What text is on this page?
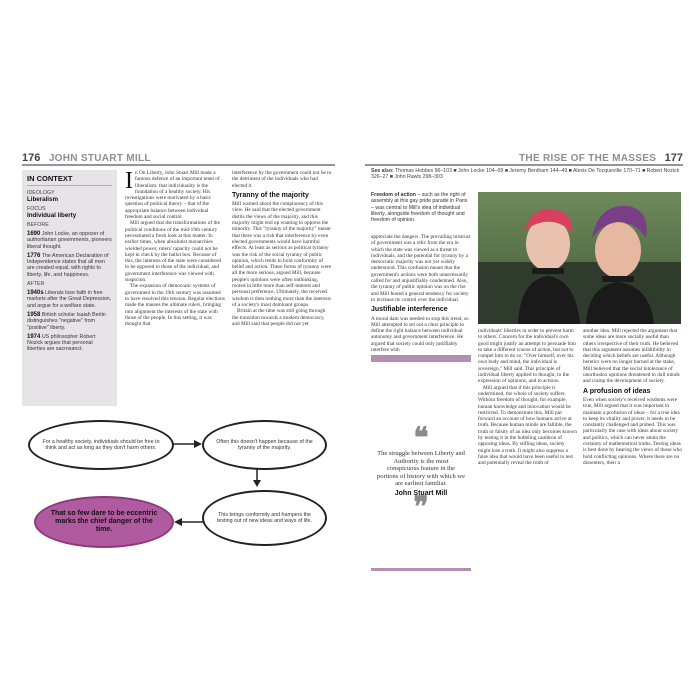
176 JOHN STUART MILL
IN CONTEXT
IDEOLOGY
Liberalism
FOCUS
Individual liberty
BEFORE
1690 John Locke, an opposer of authoritarian governments, pioneers liberal thought.
1776 The American Declaration of Independence states that all men are created equal, with rights to liberty, life, and happiness.
AFTER
1940s Liberals lose faith in free markets after the Great Depression, and argue for a welfare state.
1958 British scholar Isaiah Berlin distinguishes "negative" from "positive" liberty.
1974 US philosopher Robert Nozick argues that personal liberties are sacrosanct.

In On Liberty, John Stuart Mill made a famous defence of an important tenet of liberalism: that individuality is the foundation of a healthy society. His investigations were motivated by a basic question of political theory – that of the appropriate balance between individual freedom and social control.

Mill argued that the transformations of the political conditions of the mid-19th century necessitated a fresh look at this matter. In earlier times, when absolutist monarchies wielded power, rulers' rapacity could not be kept in check by the ballot box. Because of this, the interests of the state were considered to be opposed to those of the individual, and government interference was viewed with suspicion.

The expansion of democratic systems of government in the 19th century was assumed to have resolved this tension. Regular elections made the masses the ultimate rulers, bringing into alignment the interests of the state with those of the people. In this setting, it was thought that

interference by the government could not be to the detriment of the individuals who had elected it.

Tyranny of the majority

Mill warned about the complacency of this view. He said that the elected government distils the views of the majority, and this majority might end up wanting to oppress the minority. This "tyranny of the majority" meant that there was a risk that interference by even elected governments would have harmful effects. At least as serious as political tyranny was the risk of the social tyranny of public opinion, which tends to hold conformity of belief and action. These forms of tyranny were all the more serious, argued Mill, because people's opinions were often unthinking, rooted in little more than self-interest and personal preference. Ultimately, the received wisdom is then nothing more than the interests of a society's most dominant groups.

Britain at the time was still going through the transition towards a modern democracy, and Mill said that people did not yet

For a healthy society, individuals should be free to think and act as long as they don't harm others.
Often this doesn't happen because of the tyranny of the majority.
This brings conformity and hampers the testing out of new ideas and ways of life.
That so few dare to be eccentric marks the chief danger of the time.
THE RISE OF THE MASSES 177
See also: Thomas Hobbes 96–103 ■ John Locke 104–09 ■ Jeremy Bentham 144–49 ■ Alexis De Tocqueville 170–71 ■ Robert Nozick 326–27 ■ John Rawls 298–303
Freedom of action – such as the right of assembly at this gay pride parade in Paris – was central to Mill's idea of individual liberty, alongside freedom of thought and freedom of opinion.

appreciate the dangers. The prevailing mistrust of government was a relic from the era in which the state was viewed as a threat to individuals, and the potential for tyranny by a democratic majority was not yet widely understood. This confusion meant that the government's actions were both unnecessarily called for and unjustifiably condemned. Also, the tyranny of public opinion was on the rise and Mill feared a general tendency for society to increase its control over the individual.

Justifiable interference

A moral dam was needed to stop this trend, so Mill attempted to set out a clear principle to define the right balance between individual autonomy and government interference. He argued that society could only justifiably interfere with

❝
The struggle between Liberty and Authority is the most conspicuous feature in the portions of history with which we are earliest familiar.
John Stuart Mill
❞

individuals' liberties in order to prevent harm to others. Concern for the individual's own good might justify an attempt to persuade him to take a different course of action, but not to compel him to do so: "Over himself, over his own body and mind, the individual is sovereign," Mill said. This principle of individual liberty applied to thought, to the expression of opinions, and to actions.

Mill argued that if this principle is undermined, the whole of society suffers. Without freedom of thought, for example, human knowledge and innovation would be restricted. To demonstrate this, Mill put forward an account of how humans arrive at truth. Because human minds are fallible, the truth or falsity of an idea only becomes known by testing it in the bubbling cauldron of opposing ideas. By stifling ideas, society might lose a truth. It might also suppress a false idea that would have been useful to test and potentially reveal the truth of

another idea. Mill rejected the argument that some ideas are more socially useful than others irrespective of their truth. He believed that this argument assumes infallibility in deciding which beliefs are useful. Although heretics were no longer burned at the stake, Mill believed that the social intolerance of unorthodox opinions threatened to dull minds and cramp the development of society.

A profusion of ideas

Even when society's received wisdoms were true, Mill argued that it was important to maintain a profusion of ideas – for a true idea to keep its vitality and power, it needs to be constantly challenged and probed. This was particularly the case with ideas about society and politics, which can never attain the certainty of mathematical truths. Testing ideas is best done by hearing the views of those who hold conflicting opinions. Where there are no dissenters, their a
